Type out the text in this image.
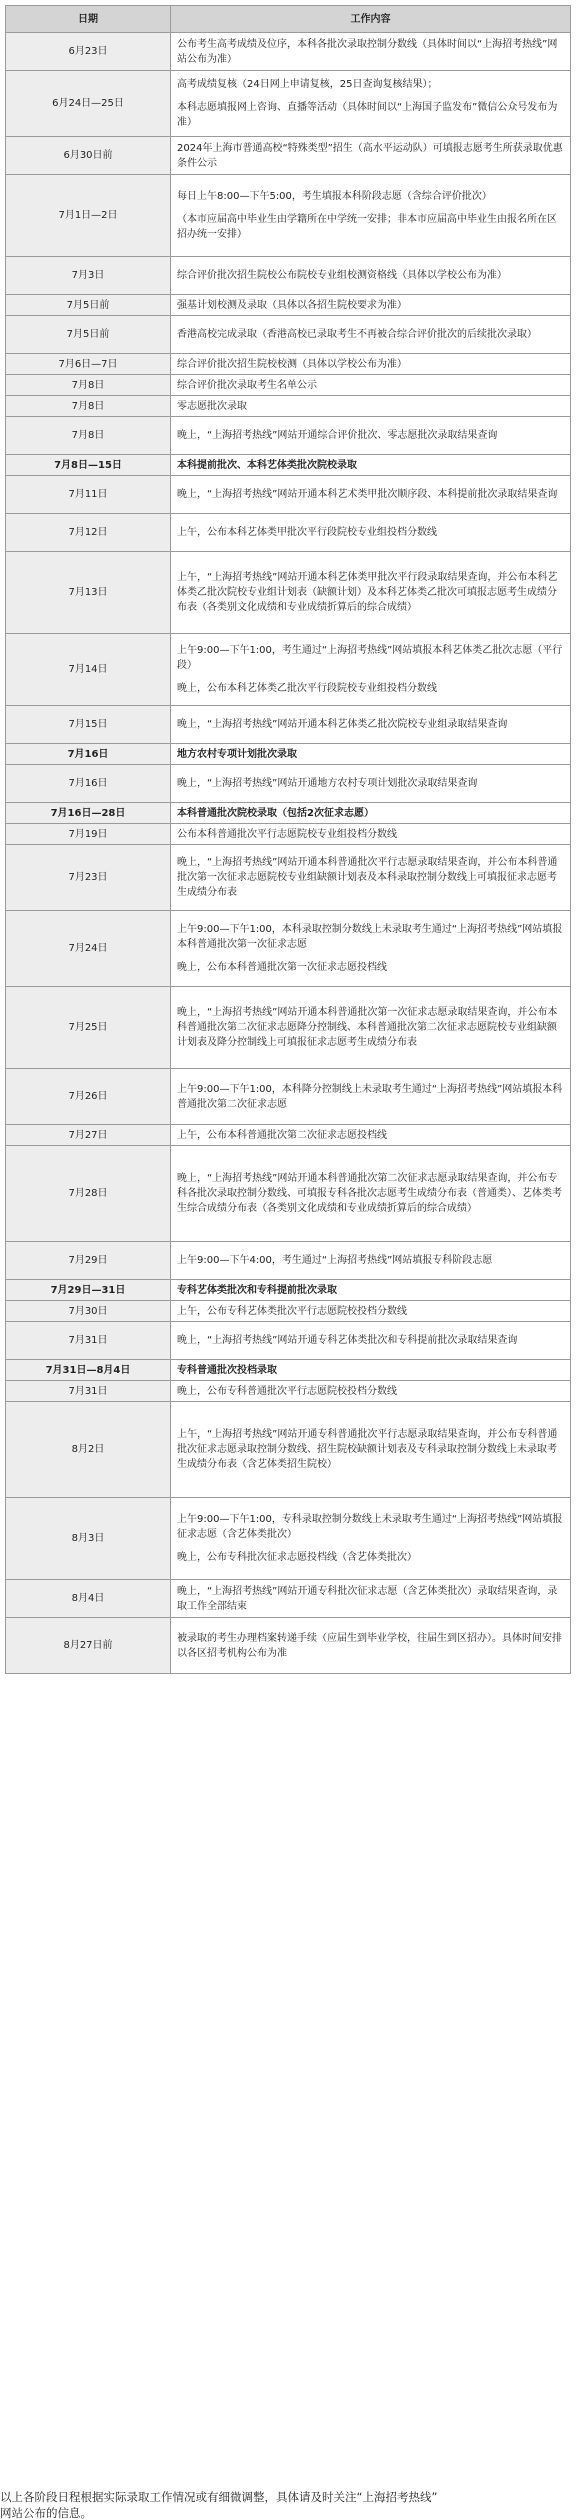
日期	工作内容
6月23日	公布考生高考成绩及位序，本科各批次录取控制分数线（具体时间以“上海招考热线”网站公布为准）

6月24日—25日	高考成绩复核（24日网上申请复核，25日查询复核结果）；
本科志愿填报网上咨询、直播等活动（具体时间以“上海国子监发布”微信公众号发布为准）

6月30日前	2024年上海市普通高校“特殊类型”招生（高水平运动队）可填报志愿考生所获录取优惠条件公示

7月1日—2日	每日上午8:00—下午5:00，考生填报本科阶段志愿（含综合评价批次）
（本市应届高中毕业生由学籍所在中学统一安排；非本市应届高中毕业生由报名所在区招办统一安排）

7月3日	综合评价批次招生院校公布院校专业组校测资格线（具体以学校公布为准）

7月5日前	强基计划校测及录取（具体以各招生院校要求为准）

7月5日前	香港高校完成录取（香港高校已录取考生不再被合综合评价批次的后续批次录取）

7月6日—7日	综合评价批次招生院校校测（具体以学校公布为准）

7月8日	综合评价批次录取考生名单公示

7月8日	零志愿批次录取

7月8日	晚上，“上海招考热线”网站开通综合评价批次、零志愿批次录取结果查询

7月8日—15日	本科提前批次、本科艺体类批次院校录取

7月11日	晚上，“上海招考热线”网站开通本科艺术类甲批次顺序段、本科提前批次录取结果查询

7月12日	上午，公布本科艺体类甲批次平行段院校专业组投档分数线

7月13日	上午，“上海招考热线”网站开通本科艺体类甲批次平行段录取结果查询，并公布本科艺体类乙批次院校专业组计划表（缺额计划）及本科艺体类乙批次可填报志愿考生成绩分布表（各类别文化成绩和专业成绩折算后的综合成绩）

7月14日	上午9:00—下午1:00，考生通过“上海招考热线”网站填报本科艺体类乙批次志愿（平行段）
晚上，公布本科艺体类乙批次平行段院校专业组投档分数线

7月15日	晚上，“上海招考热线”网站开通本科艺体类乙批次院校专业组录取结果查询

7月16日	地方农村专项计划批次录取

7月16日	晚上，“上海招考热线”网站开通地方农村专项计划批次录取结果查询

7月16日—28日	本科普通批次院校录取（包括2次征求志愿）

7月19日	公布本科普通批次平行志愿院校专业组投档分数线

7月23日	晚上，“上海招考热线”网站开通本科普通批次平行志愿录取结果查询，并公布本科普通批次第一次征求志愿院校专业组缺额计划表及本科录取控制分数线上可填报征求志愿考生成绩分布表

7月24日	上午9:00—下午1:00，本科录取控制分数线上未录取考生通过“上海招考热线”网站填报本科普通批次第一次征求志愿
晚上，公布本科普通批次第一次征求志愿投档线

7月25日	晚上，“上海招考热线”网站开通本科普通批次第一次征求志愿录取结果查询，并公布本科普通批次第二次征求志愿降分控制线、本科普通批次第二次征求志愿院校专业组缺额计划表及降分控制线上可填报征求志愿考生成绩分布表

7月26日	上午9:00—下午1:00，本科降分控制线上未录取考生通过“上海招考热线”网站填报本科普通批次第二次征求志愿

7月27日	上午，公布本科普通批次第二次征求志愿投档线

7月28日	晚上，“上海招考热线”网站开通本科普通批次第二次征求志愿录取结果查询，并公布专科各批次录取控制分数线、可填报专科各批次志愿考生成绩分布表（普通类）、艺体类考生综合成绩分布表（各类别文化成绩和专业成绩折算后的综合成绩）

7月29日	上午9:00—下午4:00，考生通过“上海招考热线”网站填报专科阶段志愿

7月29日—31日	专科艺体类批次和专科提前批次录取

7月30日	上午，公布专科艺体类批次平行志愿院校投档分数线

7月31日	晚上，“上海招考热线”网站开通专科艺体类批次和专科提前批次录取结果查询

7月31日—8月4日	专科普通批次投档录取

7月31日	晚上，公布专科普通批次平行志愿院校投档分数线

8月2日	上午，“上海招考热线”网站开通专科普通批次平行志愿录取结果查询，并公布专科普通批次征求志愿录取控制分数线、招生院校缺额计划表及专科录取控制分数线上未录取考生成绩分布表（含艺体类招生院校）

8月3日	上午9:00—下午1:00，专科录取控制分数线上未录取考生通过“上海招考热线”网站填报征求志愿（含艺体类批次）
晚上，公布专科批次征求志愿投档线（含艺体类批次）

8月4日	晚上，“上海招考热线”网站开通专科批次征求志愿（含艺体类批次）录取结果查询，录取工作全部结束

8月27日前	被录取的考生办理档案转递手续（应届生到毕业学校，往届生到区招办）。具体时间安排以各区招考机构公布为准
以上各阶段日程根据实际录取工作情况或有细微调整，具体请及时关注“上海招考热线”
网站公布的信息。
